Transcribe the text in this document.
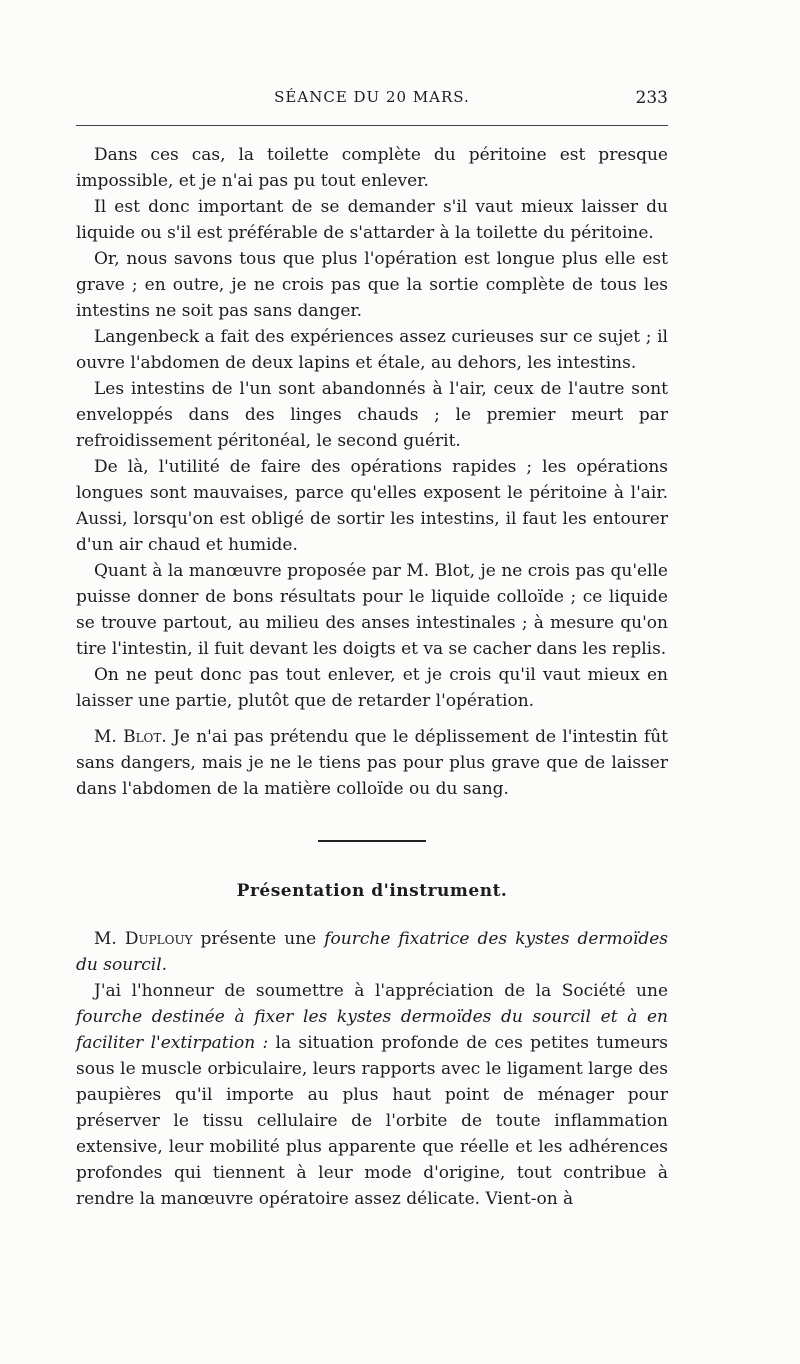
SÉANCE DU 20 MARS.	233

Dans ces cas, la toilette complète du péritoine est presque impossible, et je n'ai pas pu tout enlever.

Il est donc important de se demander s'il vaut mieux laisser du liquide ou s'il est préférable de s'attarder à la toilette du péritoine.

Or, nous savons tous que plus l'opération est longue plus elle est grave ; en outre, je ne crois pas que la sortie complète de tous les intestins ne soit pas sans danger.

Langenbeck a fait des expériences assez curieuses sur ce sujet ; il ouvre l'abdomen de deux lapins et étale, au dehors, les intestins.

Les intestins de l'un sont abandonnés à l'air, ceux de l'autre sont enveloppés dans des linges chauds ; le premier meurt par refroidissement péritonéal, le second guérit.

De là, l'utilité de faire des opérations rapides ; les opérations longues sont mauvaises, parce qu'elles exposent le péritoine à l'air. Aussi, lorsqu'on est obligé de sortir les intestins, il faut les entourer d'un air chaud et humide.

Quant à la manœuvre proposée par M. Blot, je ne crois pas qu'elle puisse donner de bons résultats pour le liquide colloïde ; ce liquide se trouve partout, au milieu des anses intestinales ; à mesure qu'on tire l'intestin, il fuit devant les doigts et va se cacher dans les replis.

On ne peut donc pas tout enlever, et je crois qu'il vaut mieux en laisser une partie, plutôt que de retarder l'opération.

M. Blot. Je n'ai pas prétendu que le déplissement de l'intestin fût sans dangers, mais je ne le tiens pas pour plus grave que de laisser dans l'abdomen de la matière colloïde ou du sang.

Présentation d'instrument.

M. Duplouy présente une fourche fixatrice des kystes dermoïdes du sourcil.

J'ai l'honneur de soumettre à l'appréciation de la Société une fourche destinée à fixer les kystes dermoïdes du sourcil et à en faciliter l'extirpation : la situation profonde de ces petites tumeurs sous le muscle orbiculaire, leurs rapports avec le ligament large des paupières qu'il importe au plus haut point de ménager pour préserver le tissu cellulaire de l'orbite de toute inflammation extensive, leur mobilité plus apparente que réelle et les adhérences profondes qui tiennent à leur mode d'origine, tout contribue à rendre la manœuvre opératoire assez délicate. Vient-on à
